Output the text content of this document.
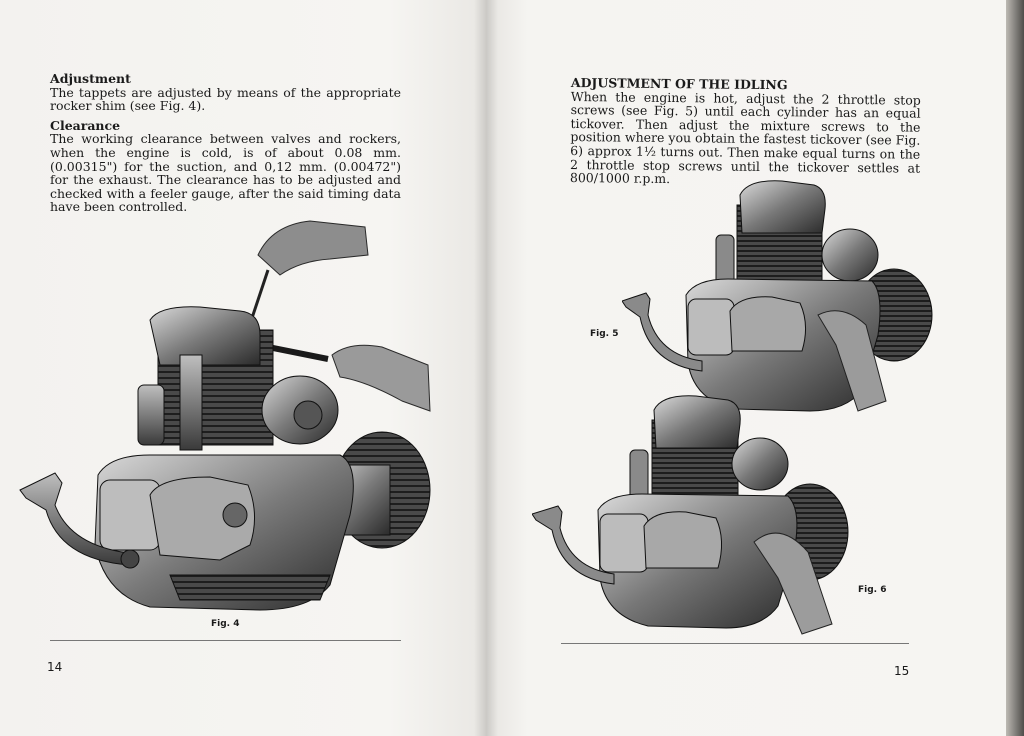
Adjustment

The tappets are adjusted by means of the appropriate rocker shim (see Fig. 4).

Clearance

The working clearance between valves and rockers, when the engine is cold, is of about 0.08 mm. (0.00315") for the suction, and 0,12 mm. (0.00472") for the exhaust. The clearance has to be adjusted and checked with a feeler gauge, after the said timing data have been controlled.

Fig. 4
14

ADJUSTMENT OF THE IDLING

When the engine is hot, adjust the 2 throttle stop screws (see Fig. 5) until each cylinder has an equal tickover. Then adjust the mixture screws to the position where you obtain the fastest tickover (see Fig. 6) approx 1½ turns out. Then make equal turns on the 2 throttle stop screws until the tickover settles at 800/1000 r.p.m.

Fig. 5
Fig. 6
15
